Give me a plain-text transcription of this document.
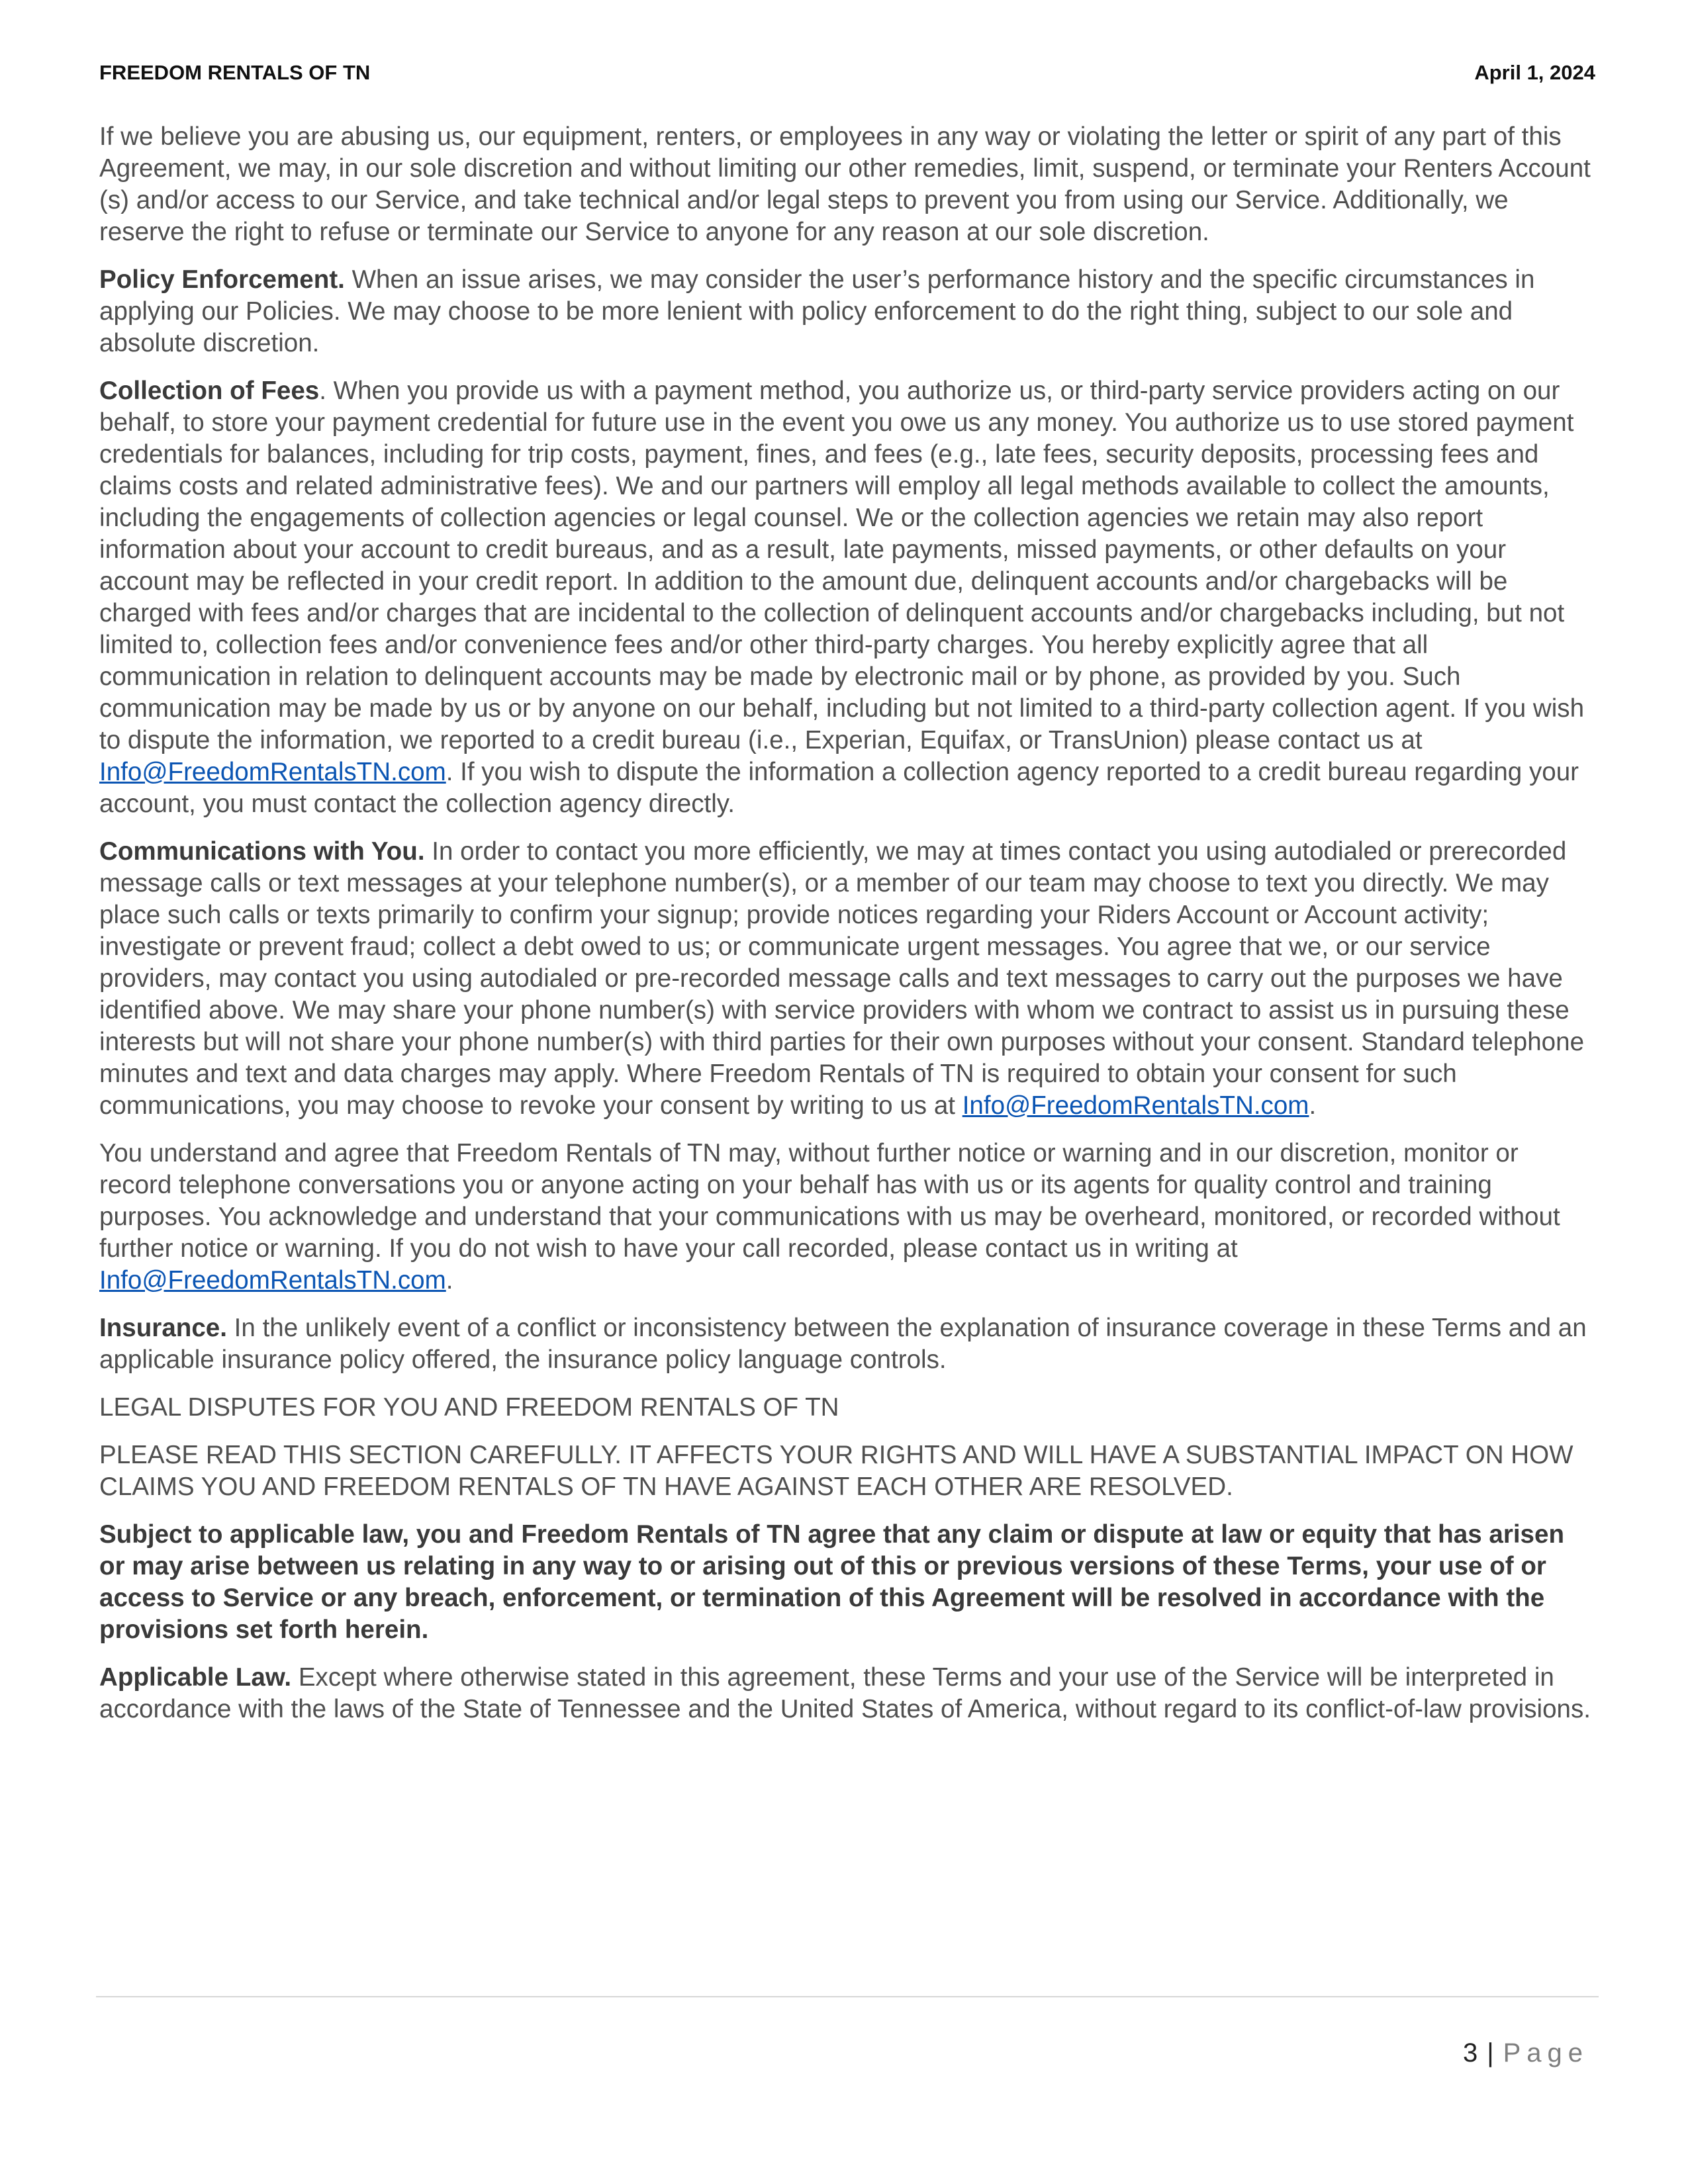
FREEDOM RENTALS OF TN	April 1, 2024

If we believe you are abusing us, our equipment, renters, or employees in any way or violating the letter or spirit of any part of this Agreement, we may, in our sole discretion and without limiting our other remedies, limit, suspend, or terminate your Renters Account (s) and/or access to our Service, and take technical and/or legal steps to prevent you from using our Service. Additionally, we reserve the right to refuse or terminate our Service to anyone for any reason at our sole discretion.

Policy Enforcement. When an issue arises, we may consider the user’s performance history and the specific circumstances in applying our Policies. We may choose to be more lenient with policy enforcement to do the right thing, subject to our sole and absolute discretion.

Collection of Fees. When you provide us with a payment method, you authorize us, or third-party service providers acting on our behalf, to store your payment credential for future use in the event you owe us any money. You authorize us to use stored payment credentials for balances, including for trip costs, payment, fines, and fees (e.g., late fees, security deposits, processing fees and claims costs and related administrative fees). We and our partners will employ all legal methods available to collect the amounts, including the engagements of collection agencies or legal counsel. We or the collection agencies we retain may also report information about your account to credit bureaus, and as a result, late payments, missed payments, or other defaults on your account may be reflected in your credit report. In addition to the amount due, delinquent accounts and/or chargebacks will be charged with fees and/or charges that are incidental to the collection of delinquent accounts and/or chargebacks including, but not limited to, collection fees and/or convenience fees and/or other third-party charges. You hereby explicitly agree that all communication in relation to delinquent accounts may be made by electronic mail or by phone, as provided by you. Such communication may be made by us or by anyone on our behalf, including but not limited to a third-party collection agent. If you wish to dispute the information, we reported to a credit bureau (i.e., Experian, Equifax, or TransUnion) please contact us at Info@FreedomRentalsTN.com. If you wish to dispute the information a collection agency reported to a credit bureau regarding your account, you must contact the collection agency directly.

Communications with You. In order to contact you more efficiently, we may at times contact you using autodialed or prerecorded message calls or text messages at your telephone number(s), or a member of our team may choose to text you directly. We may place such calls or texts primarily to confirm your signup; provide notices regarding your Riders Account or Account activity; investigate or prevent fraud; collect a debt owed to us; or communicate urgent messages. You agree that we, or our service providers, may contact you using autodialed or pre-recorded message calls and text messages to carry out the purposes we have identified above. We may share your phone number(s) with service providers with whom we contract to assist us in pursuing these interests but will not share your phone number(s) with third parties for their own purposes without your consent. Standard telephone minutes and text and data charges may apply. Where Freedom Rentals of TN is required to obtain your consent for such communications, you may choose to revoke your consent by writing to us at Info@FreedomRentalsTN.com.

You understand and agree that Freedom Rentals of TN may, without further notice or warning and in our discretion, monitor or record telephone conversations you or anyone acting on your behalf has with us or its agents for quality control and training purposes. You acknowledge and understand that your communications with us may be overheard, monitored, or recorded without further notice or warning. If you do not wish to have your call recorded, please contact us in writing at Info@FreedomRentalsTN.com.

Insurance. In the unlikely event of a conflict or inconsistency between the explanation of insurance coverage in these Terms and an applicable insurance policy offered, the insurance policy language controls.

LEGAL DISPUTES FOR YOU AND FREEDOM RENTALS OF TN

PLEASE READ THIS SECTION CAREFULLY. IT AFFECTS YOUR RIGHTS AND WILL HAVE A SUBSTANTIAL IMPACT ON HOW CLAIMS YOU AND FREEDOM RENTALS OF TN HAVE AGAINST EACH OTHER ARE RESOLVED.

Subject to applicable law, you and Freedom Rentals of TN agree that any claim or dispute at law or equity that has arisen or may arise between us relating in any way to or arising out of this or previous versions of these Terms, your use of or access to Service or any breach, enforcement, or termination of this Agreement will be resolved in accordance with the provisions set forth herein.

Applicable Law. Except where otherwise stated in this agreement, these Terms and your use of the Service will be interpreted in accordance with the laws of the State of Tennessee and the United States of America, without regard to its conflict-of-law provisions.

3 | Page
